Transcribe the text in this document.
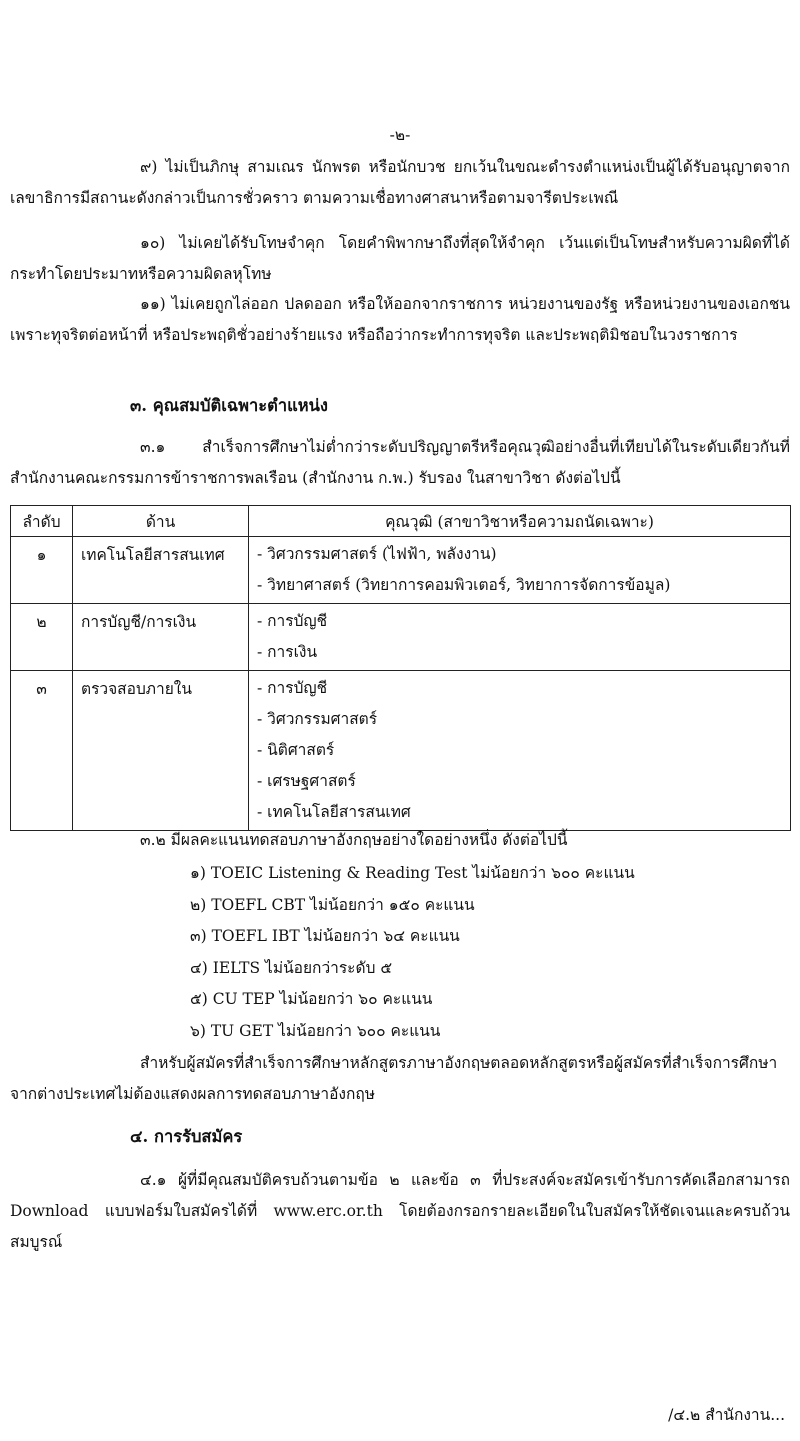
-๒-

๙) ไม่เป็นภิกษุ สามเณร นักพรต หรือนักบวช ยกเว้นในขณะดำรงตำแหน่งเป็นผู้ได้รับอนุญาตจากเลขาธิการมีสถานะดังกล่าวเป็นการชั่วคราว ตามความเชื่อทางศาสนาหรือตามจารีตประเพณี

๑๐) ไม่เคยได้รับโทษจำคุก โดยคำพิพากษาถึงที่สุดให้จำคุก เว้นแต่เป็นโทษสำหรับความผิดที่ได้กระทำโดยประมาทหรือความผิดลหุโทษ

๑๑) ไม่เคยถูกไล่ออก ปลดออก หรือให้ออกจากราชการ หน่วยงานของรัฐ หรือหน่วยงานของเอกชนเพราะทุจริตต่อหน้าที่ หรือประพฤติชั่วอย่างร้ายแรง หรือถือว่ากระทำการทุจริต และประพฤติมิชอบในวงราชการ

๓. คุณสมบัติเฉพาะตำแหน่ง

๓.๑ สำเร็จการศึกษาไม่ต่ำกว่าระดับปริญญาตรีหรือคุณวุฒิอย่างอื่นที่เทียบได้ในระดับเดียวกันที่สำนักงานคณะกรรมการข้าราชการพลเรือน (สำนักงาน ก.พ.) รับรอง ในสาขาวิชา ดังต่อไปนี้

ลำดับ	ด้าน	คุณวุฒิ (สาขาวิชาหรือความถนัดเฉพาะ)
๑	เทคโนโลยีสารสนเทศ	- วิศวกรรมศาสตร์ (ไฟฟ้า, พลังงาน)
- วิทยาศาสตร์ (วิทยาการคอมพิวเตอร์, วิทยาการจัดการข้อมูล)

๒	การบัญชี/การเงิน	- การบัญชี
- การเงิน

๓	ตรวจสอบภายใน	- การบัญชี
- วิศวกรรมศาสตร์
- นิติศาสตร์
- เศรษฐศาสตร์
- เทคโนโลยีสารสนเทศ

๓.๒ มีผลคะแนนทดสอบภาษาอังกฤษอย่างใดอย่างหนึ่ง ดังต่อไปนี้

๑) TOEIC Listening & Reading Test ไม่น้อยกว่า ๖๐๐ คะแนน
๒) TOEFL CBT ไม่น้อยกว่า ๑๕๐ คะแนน
๓) TOEFL IBT ไม่น้อยกว่า ๖๔ คะแนน
๔) IELTS ไม่น้อยกว่าระดับ ๕
๕) CU TEP ไม่น้อยกว่า ๖๐ คะแนน
๖) TU GET ไม่น้อยกว่า ๖๐๐ คะแนน

สำหรับผู้สมัครที่สำเร็จการศึกษาหลักสูตรภาษาอังกฤษตลอดหลักสูตรหรือผู้สมัครที่สำเร็จการศึกษาจากต่างประเทศไม่ต้องแสดงผลการทดสอบภาษาอังกฤษ

๔. การรับสมัคร

๔.๑ ผู้ที่มีคุณสมบัติครบถ้วนตามข้อ ๒ และข้อ ๓ ที่ประสงค์จะสมัครเข้ารับการคัดเลือกสามารถ Download แบบฟอร์มใบสมัครได้ที่ www.erc.or.th โดยต้องกรอกรายละเอียดในใบสมัครให้ชัดเจนและครบถ้วนสมบูรณ์

/๔.๒ สำนักงาน...
